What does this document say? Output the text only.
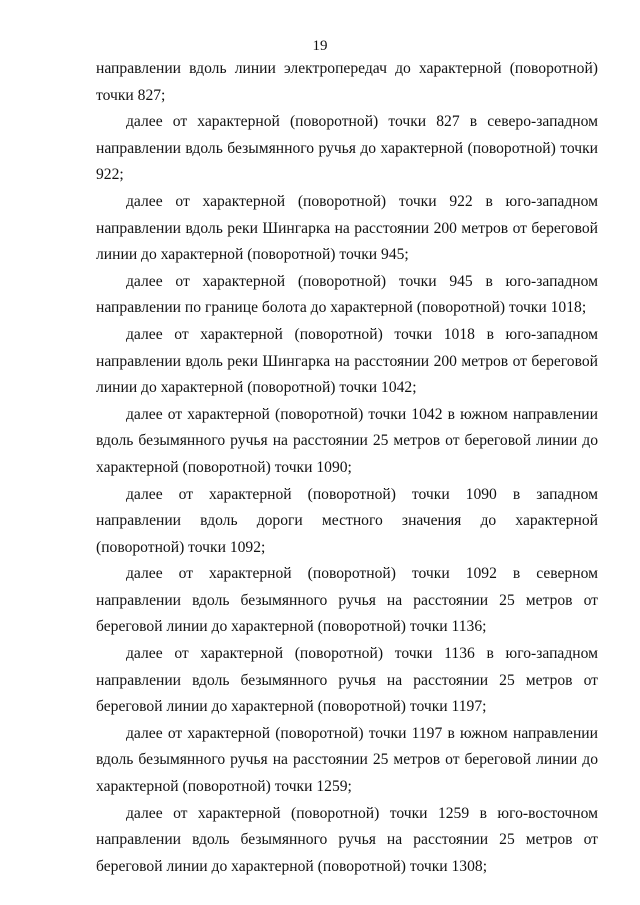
19

направлении вдоль линии электропередач до характерной (поворотной) точки 827;

далее от характерной (поворотной) точки 827 в северо-западном направлении вдоль безымянного ручья до характерной (поворотной) точки 922;

далее от характерной (поворотной) точки 922 в юго-западном направлении вдоль реки Шингарка на расстоянии 200 метров от береговой линии до характерной (поворотной) точки 945;

далее от характерной (поворотной) точки 945 в юго-западном направлении по границе болота до характерной (поворотной) точки 1018;

далее от характерной (поворотной) точки 1018 в юго-западном направлении вдоль реки Шингарка на расстоянии 200 метров от береговой линии до характерной (поворотной) точки 1042;

далее от характерной (поворотной) точки 1042 в южном направлении вдоль безымянного ручья на расстоянии 25 метров от береговой линии до характерной (поворотной) точки 1090;

далее от характерной (поворотной) точки 1090 в западном направлении вдоль дороги местного значения до характерной (поворотной) точки 1092;

далее от характерной (поворотной) точки 1092 в северном направлении вдоль безымянного ручья на расстоянии 25 метров от береговой линии до характерной (поворотной) точки 1136;

далее от характерной (поворотной) точки 1136 в юго-западном направлении вдоль безымянного ручья на расстоянии 25 метров от береговой линии до характерной (поворотной) точки 1197;

далее от характерной (поворотной) точки 1197 в южном направлении вдоль безымянного ручья на расстоянии 25 метров от береговой линии до характерной (поворотной) точки 1259;

далее от характерной (поворотной) точки 1259 в юго-восточном направлении вдоль безымянного ручья на расстоянии 25 метров от береговой линии до характерной (поворотной) точки 1308;
